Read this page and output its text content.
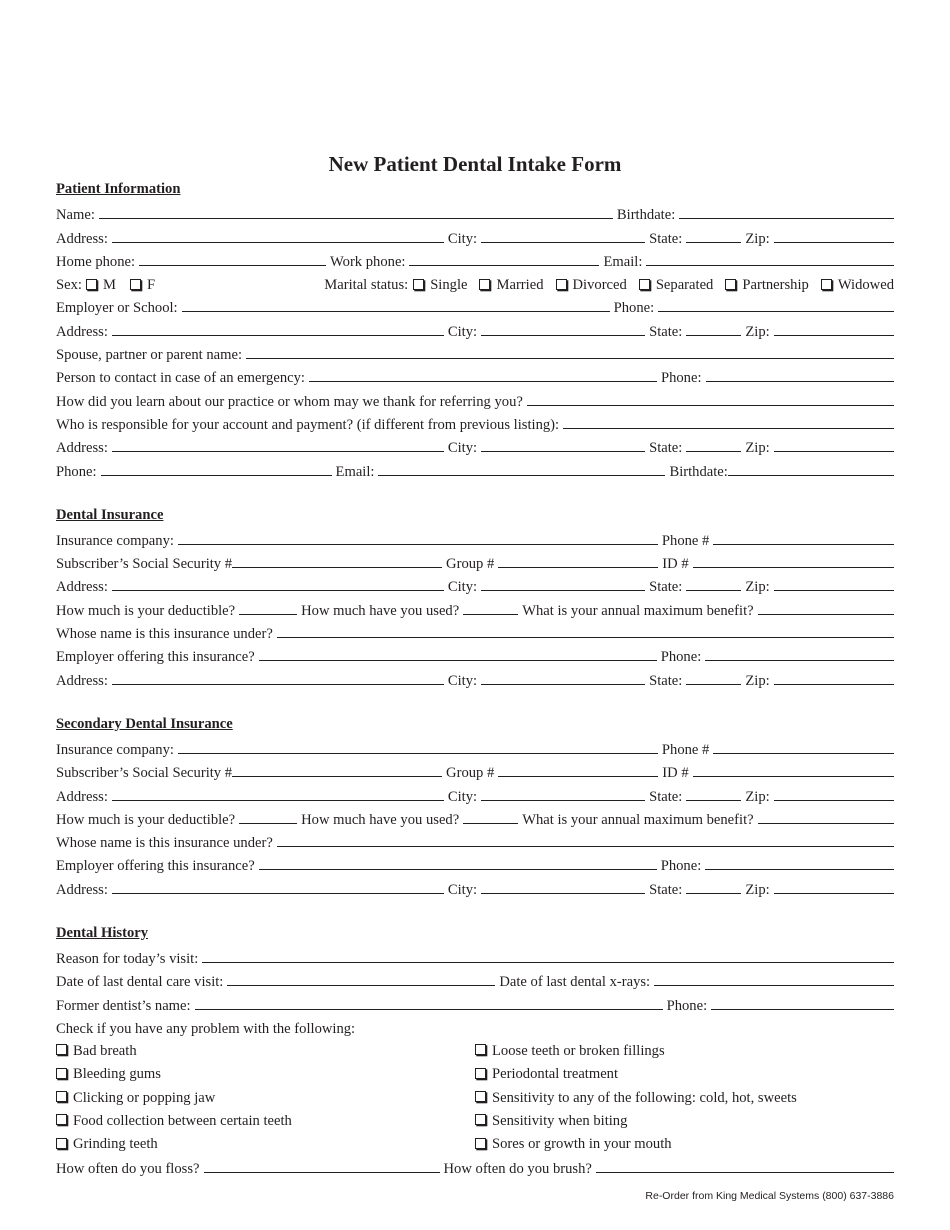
New Patient Dental Intake Form
Patient Information
Name:	Birthdate:
Address:	City:	State:	Zip:
Home phone:	Work phone:	Email:
Sex:	M	F	Marital status:	Single	Married	Divorced	Separated	Partnership	Widowed
Employer or School:	Phone:
Address:	City:	State:	Zip:
Spouse, partner or parent name:
Person to contact in case of an emergency:	Phone:
How did you learn about our practice or whom may we thank for referring you?
Who is responsible for your account and payment? (if different from previous listing):
Address:	City:	State:	Zip:
Phone:	Email:	Birthdate:
Dental Insurance
Insurance company:	Phone #
Subscriber’s Social Security #	Group #	ID #
Address:	City:	State:	Zip:
How much is your deductible?	How much have you used?	What is your annual maximum benefit?
Whose name is this insurance under?
Employer offering this insurance?	Phone:
Address:	City:	State:	Zip:
Secondary Dental Insurance
Insurance company:	Phone #
Subscriber’s Social Security #	Group #	ID #
Address:	City:	State:	Zip:
How much is your deductible?	How much have you used?	What is your annual maximum benefit?
Whose name is this insurance under?
Employer offering this insurance?	Phone:
Address:	City:	State:	Zip:
Dental History
Reason for today’s visit:
Date of last dental care visit:	Date of last dental x-rays:
Former dentist’s name:	Phone:
Check if you have any problem with the following:
Bad breath
Bleeding gums
Clicking or popping jaw
Food collection between certain teeth
Grinding teeth
Loose teeth or broken fillings
Periodontal treatment
Sensitivity to any of the following: cold, hot, sweets
Sensitivity when biting
Sores or growth in your mouth
How often do you floss?	How often do you brush?
Re-Order from King Medical Systems (800) 637-3886
